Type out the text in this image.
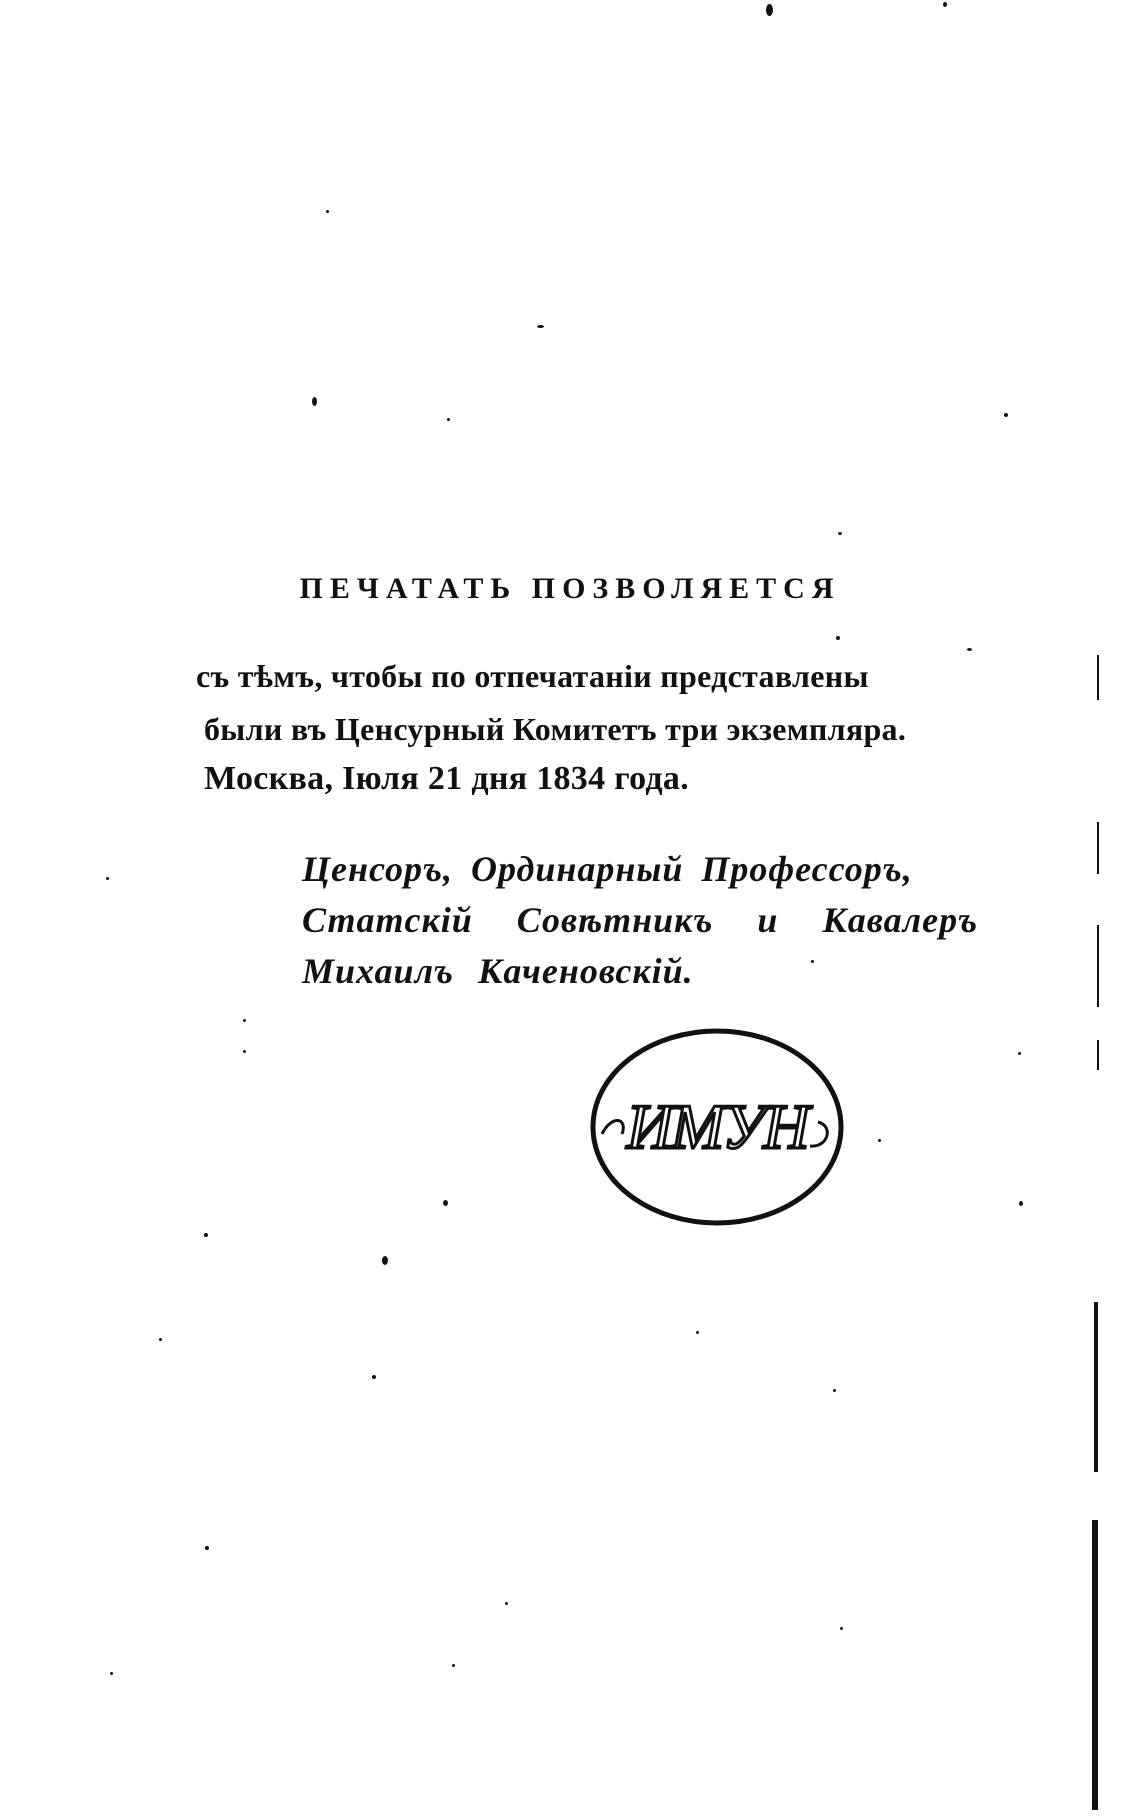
ПЕЧАТАТЬ ПОЗВОЛЯЕТСЯ
съ тѣмъ, чтобы по отпечатаніи представлены
были въ Ценсурный Комитетъ три экземпляра.
Москва, Іюля 21 дня 1834 года.
Ценсоръ, Ординарный Профессоръ,
Статскій Совѣтникъ и Кавалеръ
Михаилъ Каченовскій.
ИМУН
